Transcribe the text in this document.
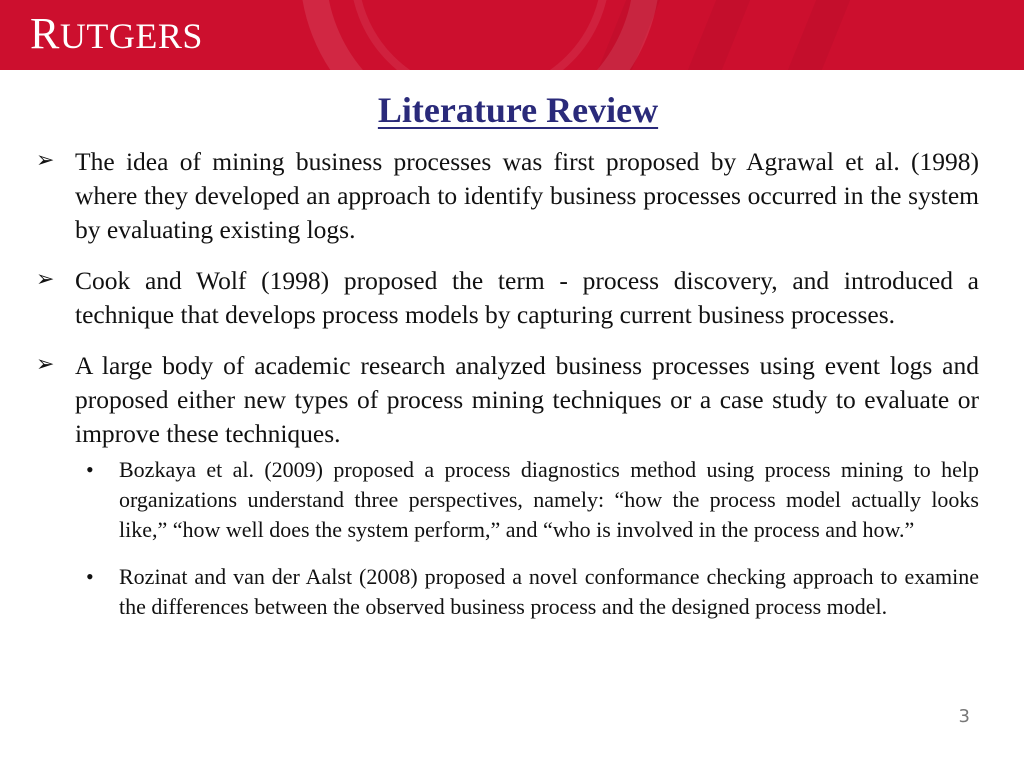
RUTGERS
Literature Review
➢ The idea of mining business processes was first proposed by Agrawal et al. (1998) where they developed an approach to identify business processes occurred in the system by evaluating existing logs.
➢ Cook and Wolf (1998) proposed the term - process discovery, and introduced a technique that develops process models by capturing current business processes.
➢ A large body of academic research analyzed business processes using event logs and proposed either new types of process mining techniques or a case study to evaluate or improve these techniques.
• Bozkaya et al. (2009) proposed a process diagnostics method using process mining to help organizations understand three perspectives, namely: “how the process model actually looks like,” “how well does the system perform,” and “who is involved in the process and how.”
• Rozinat and van der Aalst (2008) proposed a novel conformance checking approach to examine the differences between the observed business process and the designed process model.
3
